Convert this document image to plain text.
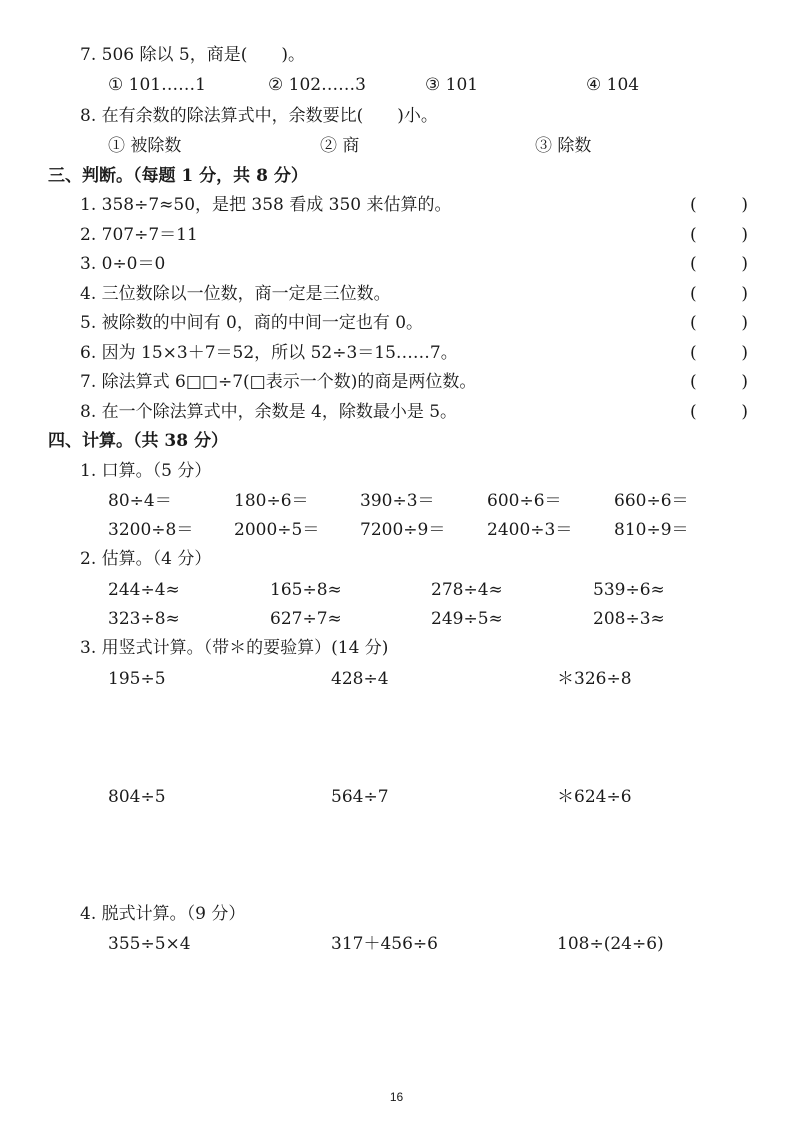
7. 506 除以 5，商是(　　)。
① 101……1	② 102……3	③ 101	④ 104
8. 在有余数的除法算式中，余数要比(　　)小。
① 被除数	② 商	③ 除数
三、判断。（每题 1 分，共 8 分）
1. 358÷7≈50，是把 358 看成 350 来估算的。	(	)
2. 707÷7＝11	(	)
3. 0÷0＝0	(	)
4. 三位数除以一位数，商一定是三位数。	(	)
5. 被除数的中间有 0，商的中间一定也有 0。	(	)
6. 因为 15×3＋7＝52，所以 52÷3＝15……7。	(	)
7. 除法算式 6□□÷7(□表示一个数)的商是两位数。	(	)
8. 在一个除法算式中，余数是 4，除数最小是 5。	(	)
四、计算。（共 38 分）
1. 口算。（5 分）
80÷4＝	180÷6＝	390÷3＝	600÷6＝	660÷6＝
3200÷8＝ 2000÷5＝ 7200÷9＝ 2400÷3＝ 810÷9＝
2. 估算。（4 分）
244÷4≈	165÷8≈	278÷4≈	539÷6≈
323÷8≈	627÷7≈	249÷5≈	208÷3≈
3. 用竖式计算。（带＊的要验算）(14 分)
195÷5	428÷4	＊326÷8
804÷5	564÷7	＊624÷6
4. 脱式计算。（9 分）
355÷5×4	317＋456÷6	108÷(24÷6)
16
